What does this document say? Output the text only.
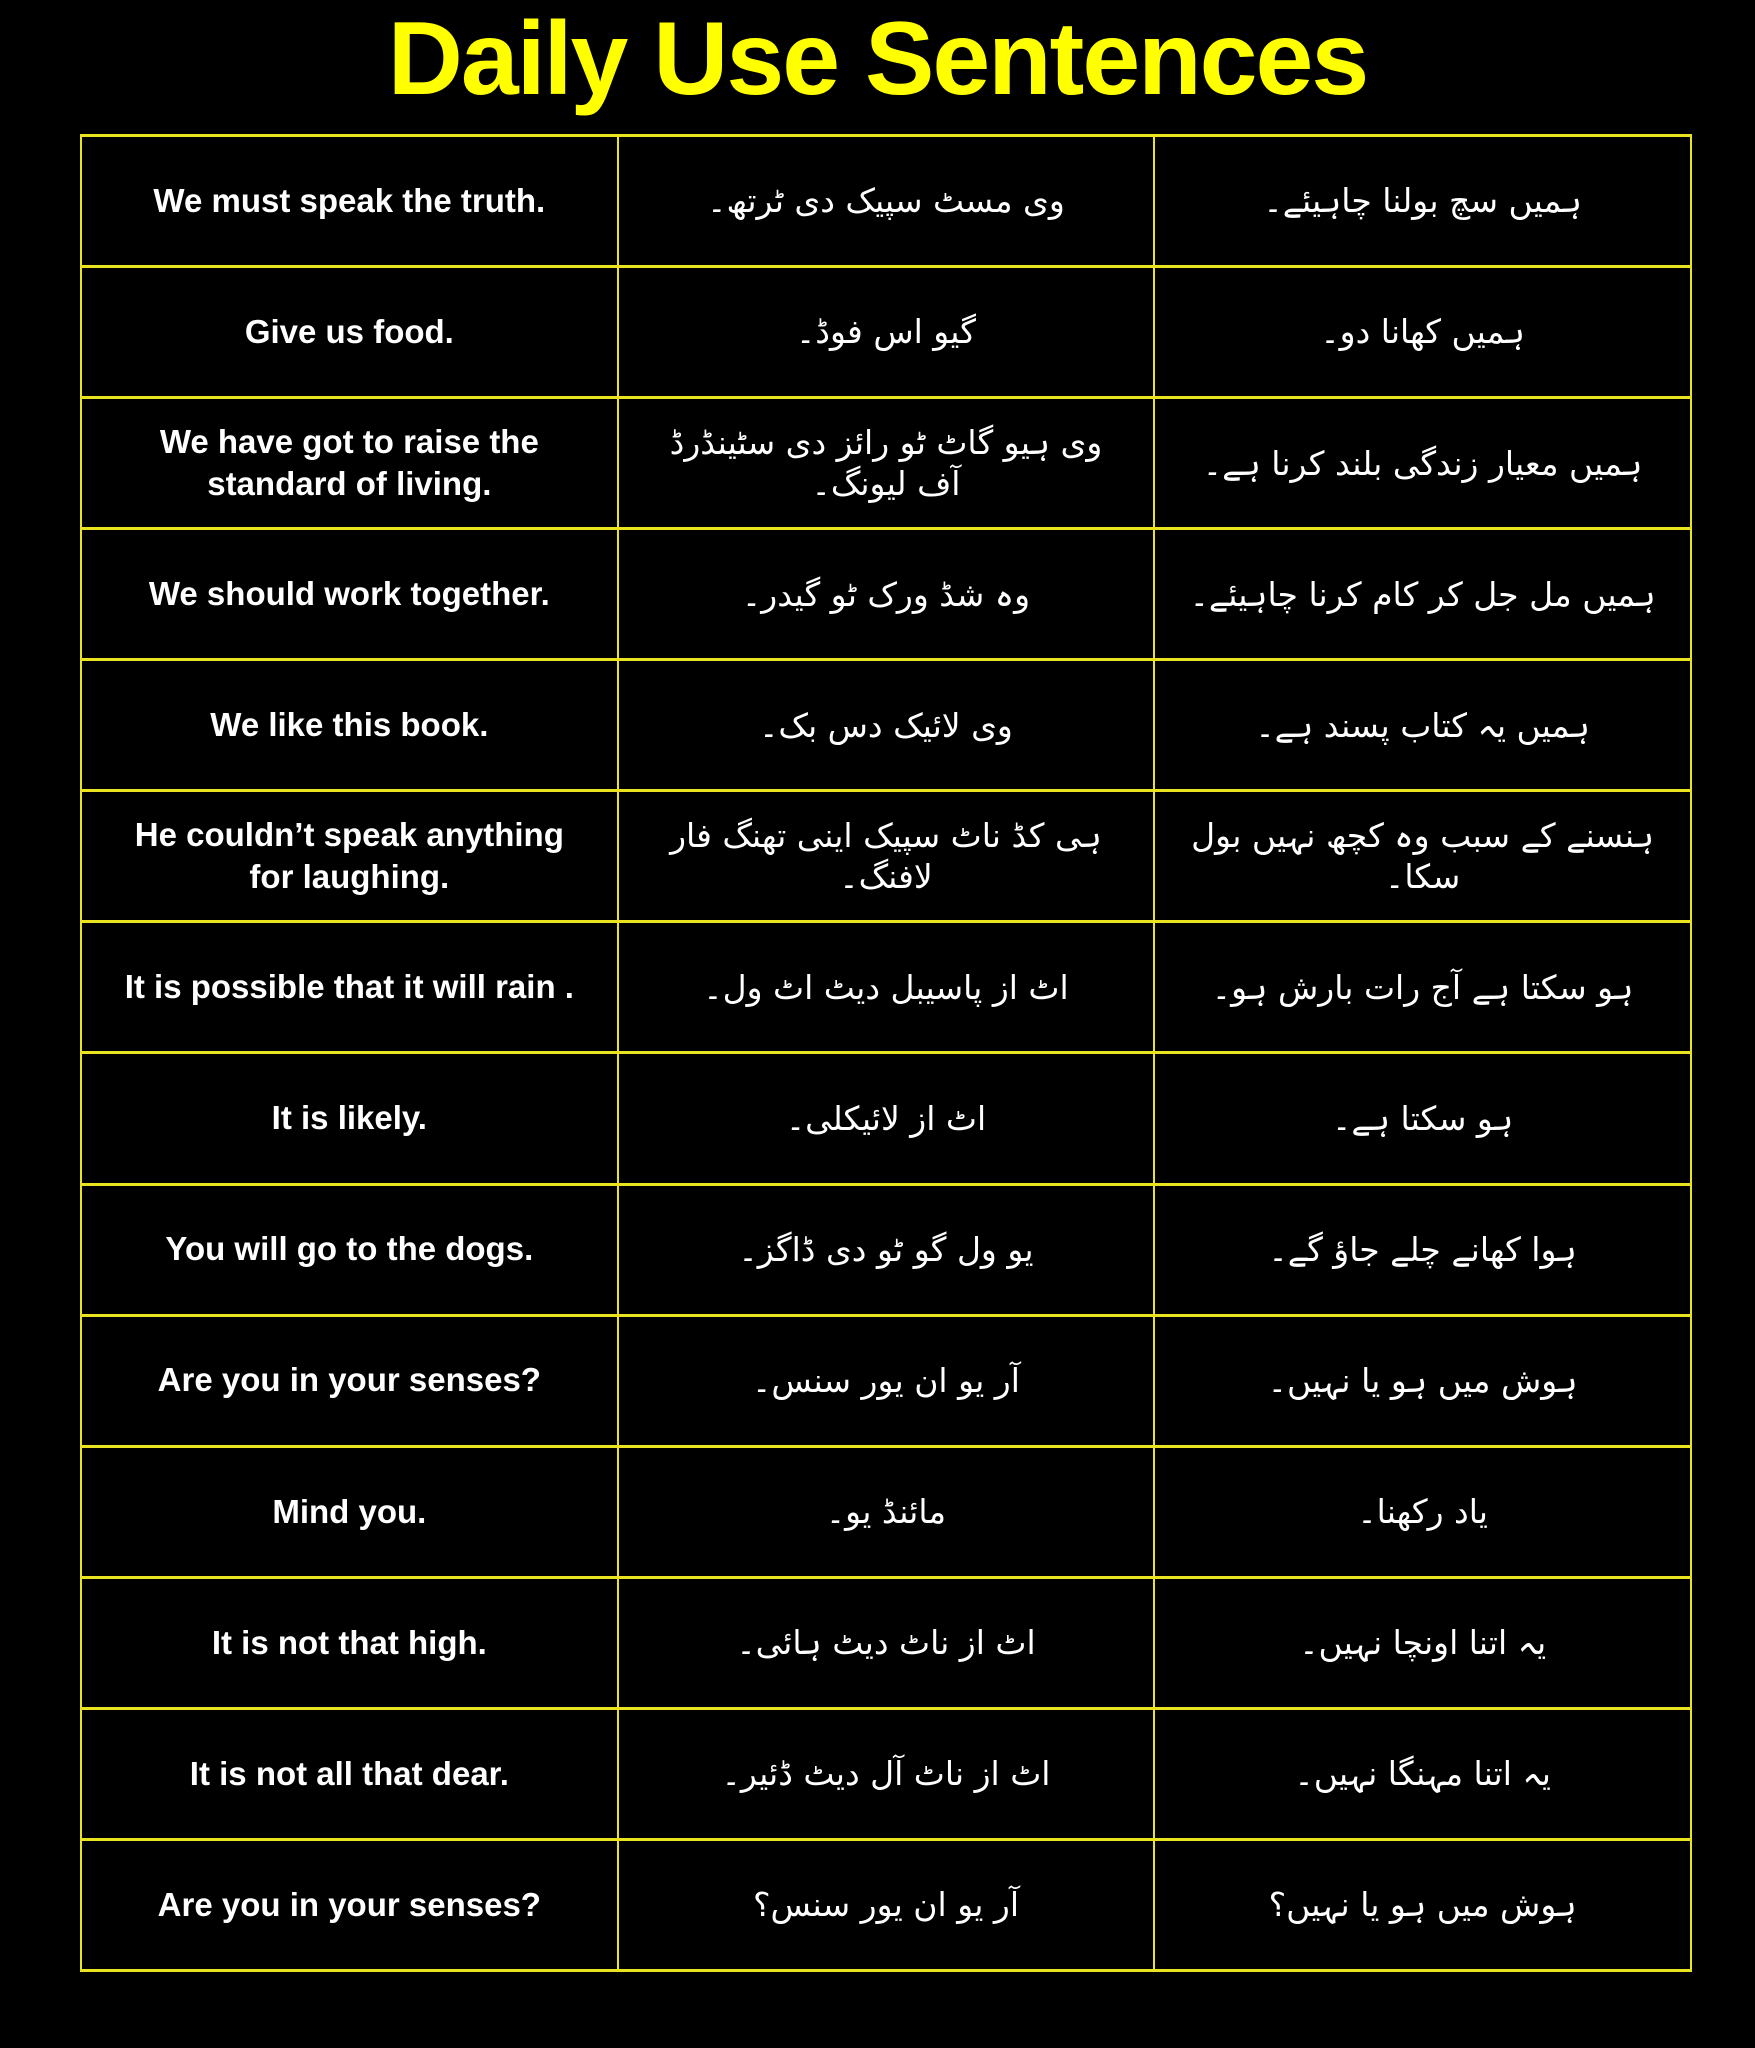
Daily Use Sentences
We must speak the truth.	وی مسٹ سپیک دی ٹرتھ۔	ہمیں سچ بولنا چاہیئے۔
Give us food.	گیو اس فوڈ۔	ہمیں کھانا دو۔
We have got to raise the standard of living.	وی ہیو گاٹ ٹو رائز دی سٹینڈرڈ آف لیونگ۔	ہمیں معیار زندگی بلند کرنا ہے۔
We should work together.	وہ شڈ ورک ٹو گیدر۔	ہمیں مل جل کر کام کرنا چاہیئے۔
We like this book.	وی لائیک دس بک۔	ہمیں یہ کتاب پسند ہے۔
He couldn’t speak anything for laughing.	ہی کڈ ناٹ سپیک اینی تھنگ فار لافنگ۔	ہنسنے کے سبب وہ کچھ نہیں بول سکا۔
It is possible that it will rain .	اٹ از پاسیبل دیٹ اٹ ول۔	ہو سکتا ہے آج رات بارش ہو۔
It is likely.	اٹ از لائیکلی۔	ہو سکتا ہے۔
You will go to the dogs.	یو ول گو ٹو دی ڈاگز۔	ہوا کھانے چلے جاؤ گے۔
Are you in your senses?	آر یو ان یور سنس۔	ہوش میں ہو یا نہیں۔
Mind you.	مائنڈ یو۔	یاد رکھنا۔
It is not that high.	اٹ از ناٹ دیٹ ہائی۔	یہ اتنا اونچا نہیں۔
It is not all that dear.	اٹ از ناٹ آل دیٹ ڈئیر۔	یہ اتنا مہنگا نہیں۔
Are you in your senses?	آر یو ان یور سنس؟	ہوش میں ہو یا نہیں؟
